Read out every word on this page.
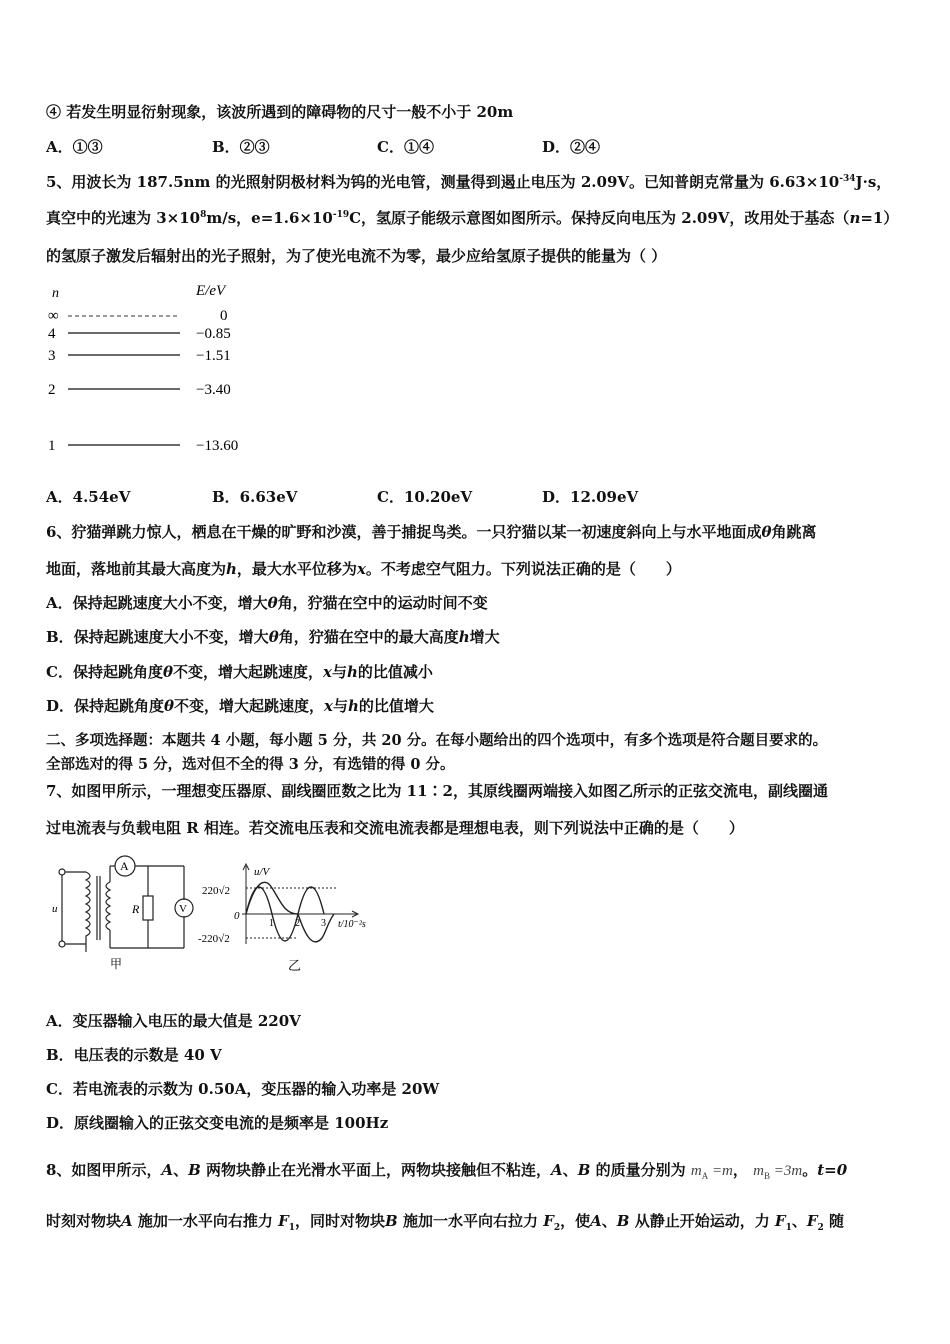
④ 若发生明显衍射现象，该波所遇到的障碍物的尺寸一般不小于 20m
A．①③	B．②③	C．①④	D．②④
5、用波长为 187.5nm 的光照射阴极材料为钨的光电管，测量得到遏止电压为 2.09V。已知普朗克常量为 $6.63\times 10^{-34}J\cdot s$，
真空中的光速为 $3\times 10^8m/s$，$e=1.6\times 10^{-19}C$，氢原子能级示意图如图所示。保持反向电压为 2.09V，改用处于基态（n=1）
的氢原子激发后辐射出的光子照射，为了使光电流不为零，最少应给氢原子提供的能量为（ ）
n	E/eV
∞	0
4	−0.85
3	−1.51
2	−3.40
1	−13.60
A．4.54eV	B．6.63eV	C．10.20eV	D．12.09eV
6、狞猫弹跳力惊人，栖息在干燥的旷野和沙漠，善于捕捉鸟类。一只狞猫以某一初速度斜向上与水平地面成θ角跳离
地面，落地前其最大高度为h，最大水平位移为x。不考虑空气阻力。下列说法正确的是（　　）
A．保持起跳速度大小不变，增大θ角，狞猫在空中的运动时间不变
B．保持起跳速度大小不变，增大θ角，狞猫在空中的最大高度h增大
C．保持起跳角度θ不变，增大起跳速度，x与h的比值减小
D．保持起跳角度θ不变，增大起跳速度，x与h的比值增大
二、多项选择题：本题共 4 小题，每小题 5 分，共 20 分。在每小题给出的四个选项中，有多个选项是符合题目要求的。
全部选对的得 5 分，选对但不全的得 3 分，有选错的得 0 分。
7、如图甲所示，一理想变压器原、副线圈匝数之比为 11∶2，其原线圈两端接入如图乙所示的正弦交流电，副线圈通
过电流表与负载电阻 R 相连。若交流电压表和交流电流表都是理想电表，则下列说法中正确的是（　　）
u
A
R	V
甲
u/V
220√2
0
-220√2
1 2 3 t/10⁻²s
乙
A．变压器输入电压的最大值是 220V
B．电压表的示数是 40 V
C．若电流表的示数为 0.50A，变压器的输入功率是 20W
D．原线圈输入的正弦交变电流的是频率是 100Hz
8、如图甲所示，A、B 两物块静止在光滑水平面上，两物块接触但不粘连，A、B 的质量分别为 $m_A =m$， $m_B =3m$。t=0
时刻对物块A 施加一水平向右推力 $F_1$，同时对物块B 施加一水平向右拉力 $F_2$，使A、B 从静止开始运动，力 $F_1$、$F_2$ 随
